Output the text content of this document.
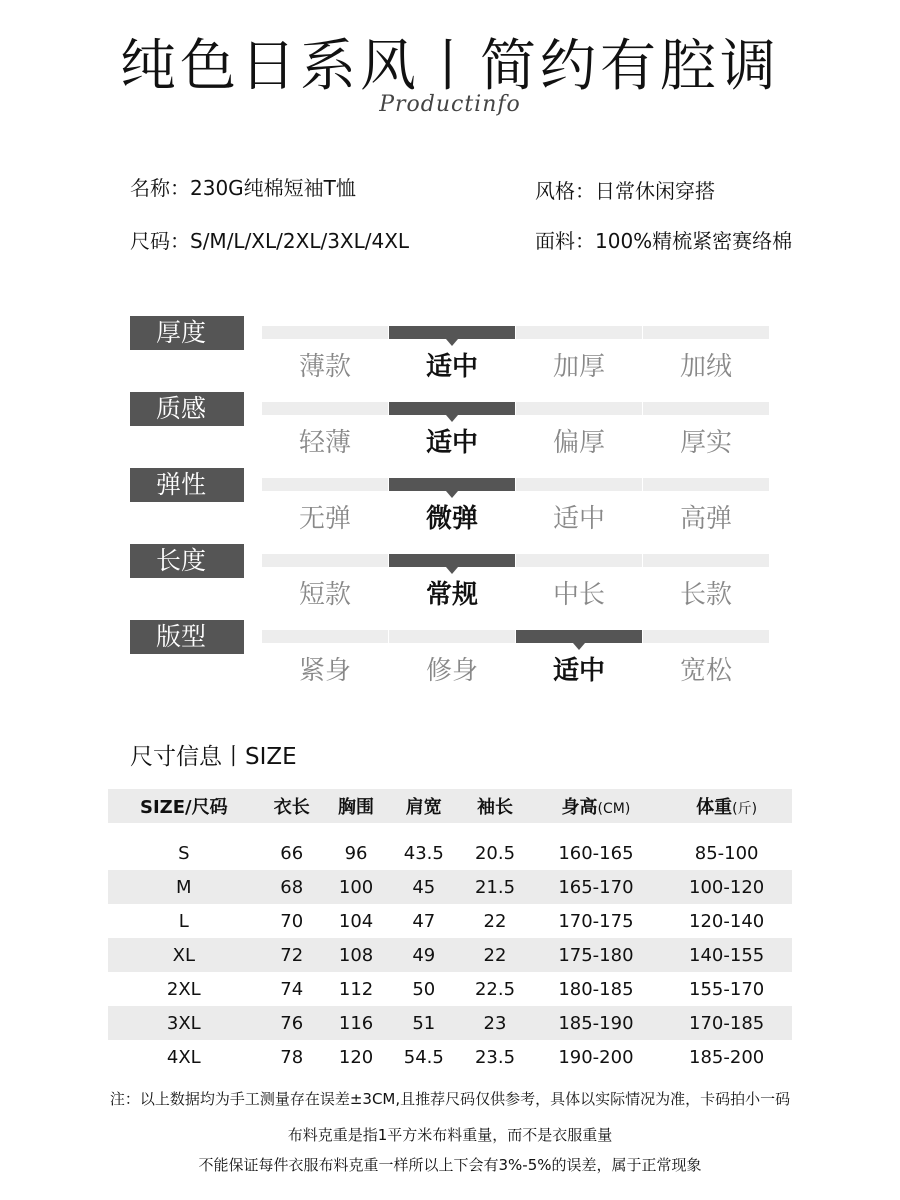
纯色日系风丨简约有腔调
Productinfo
名称：230G纯棉短袖T恤	风格：日常休闲穿搭
尺码：S/M/L/XL/2XL/3XL/4XL	面料：100%精梳紧密赛络棉
厚度
薄款	适中	加厚	加绒
质感
轻薄	适中	偏厚	厚实
弹性
无弹	微弹	适中	高弹
长度
短款	常规	中长	长款
版型
紧身	修身	适中	宽松
尺寸信息丨SIZE
SIZE/尺码	衣长	胸围	肩宽	袖长	身高(CM)	体重(斤)

S	66	96	43.5	20.5	160-165	85-100
M	68	100	45	21.5	165-170	100-120
L	70	104	47	22	170-175	120-140
XL	72	108	49	22	175-180	140-155
2XL	74	112	50	22.5	180-185	155-170
3XL	76	116	51	23	185-190	170-185
4XL	78	120	54.5	23.5	190-200	185-200
注：以上数据均为手工测量存在误差±3CM,且推荐尺码仅供参考，具体以实际情况为准，卡码拍小一码
布料克重是指1平方米布料重量，而不是衣服重量
不能保证每件衣服布料克重一样所以上下会有3%-5%的误差，属于正常现象
